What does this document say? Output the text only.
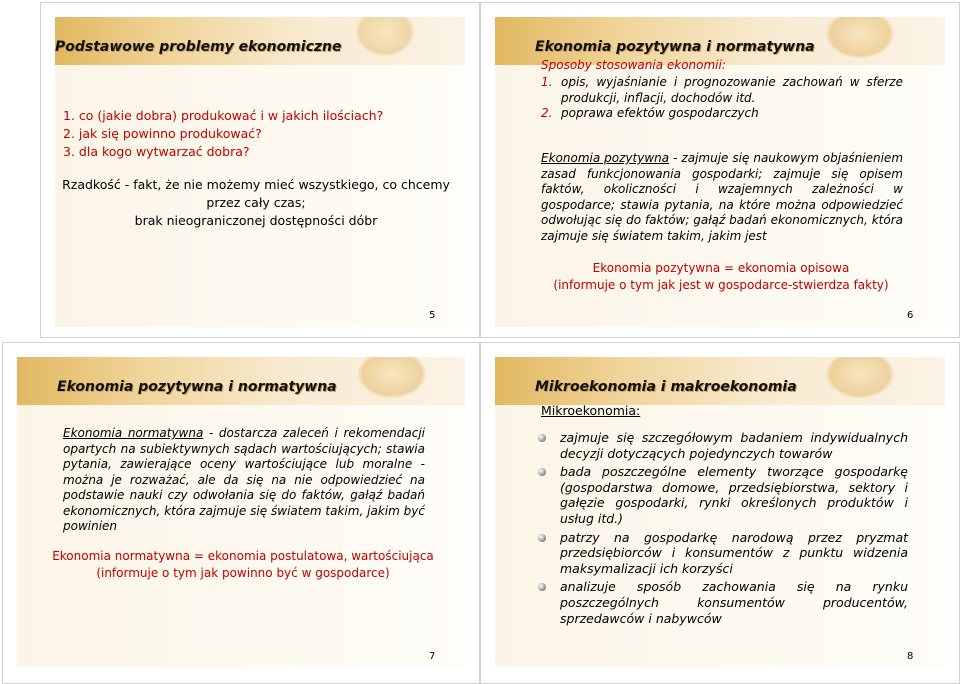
Podstawowe problemy ekonomiczne
1. co (jakie dobra) produkować i w jakich ilościach?
2. jak się powinno produkować?
3. dla kogo wytwarzać dobra?
Rzadkość - fakt, że nie możemy mieć wszystkiego, co chcemy
przez cały czas;
brak nieograniczonej dostępności dóbr
5
Ekonomia pozytywna i normatywna
Sposoby stosowania ekonomii:
1. opis, wyjaśnianie i prognozowanie zachowań w sferze produkcji, inflacji, dochodów itd.
2. poprawa efektów gospodarczych
Ekonomia pozytywna - zajmuje się naukowym objaśnieniem zasad funkcjonowania gospodarki; zajmuje się opisem faktów, okoliczności i wzajemnych zależności w gospodarce; stawia pytania, na które można odpowiedzieć odwołując się do faktów; gałąź badań ekonomicznych, która zajmuje się światem takim, jakim jest
Ekonomia pozytywna = ekonomia opisowa
(informuje o tym jak jest w gospodarce-stwierdza fakty)
6
Ekonomia pozytywna i normatywna
Ekonomia normatywna - dostarcza zaleceń i rekomendacji opartych na subiektywnych sądach wartościujących; stawia pytania, zawierające oceny wartościujące lub moralne - można je rozważać, ale da się na nie odpowiedzieć na podstawie nauki czy odwołania się do faktów, gałąź badań ekonomicznych, która zajmuje się światem takim, jakim być powinien
Ekonomia normatywna = ekonomia postulatowa, wartościująca
(informuje o tym jak powinno być w gospodarce)
7
Mikroekonomia i makroekonomia
Mikroekonomia:
zajmuje się szczegółowym badaniem indywidualnych decyzji dotyczących pojedynczych towarów
bada poszczególne elementy tworzące gospodarkę (gospodarstwa domowe, przedsiębiorstwa, sektory i gałęzie gospodarki, rynki określonych produktów i usług itd.)
patrzy na gospodarkę narodową przez pryzmat przedsiębiorców i konsumentów z punktu widzenia maksymalizacji ich korzyści
analizuje sposób zachowania się na rynku poszczególnych konsumentów producentów, sprzedawców i nabywców
8
